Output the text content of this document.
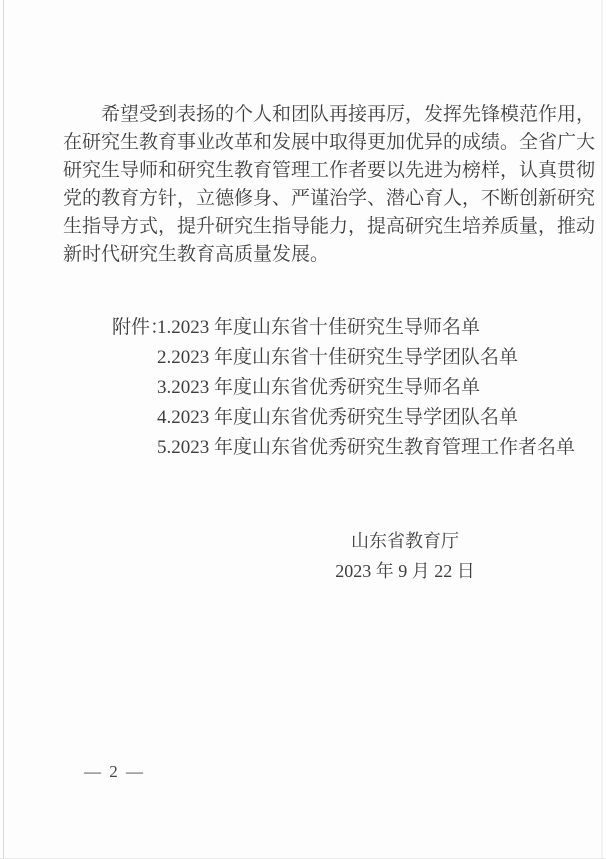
希望受到表扬的个人和团队再接再厉，发挥先锋模范作用，
在研究生教育事业改革和发展中取得更加优异的成绩。全省广大
研究生导师和研究生教育管理工作者要以先进为榜样，认真贯彻
党的教育方针，立德修身、严谨治学、潜心育人，不断创新研究
生指导方式，提升研究生指导能力，提高研究生培养质量，推动
新时代研究生教育高质量发展。
附件：1.2023 年度山东省十佳研究生导师名单
2.2023 年度山东省十佳研究生导学团队名单
3.2023 年度山东省优秀研究生导师名单
4.2023 年度山东省优秀研究生导学团队名单
5.2023 年度山东省优秀研究生教育管理工作者名单
山东省教育厅
2023 年 9 月 22 日
— 2 —
